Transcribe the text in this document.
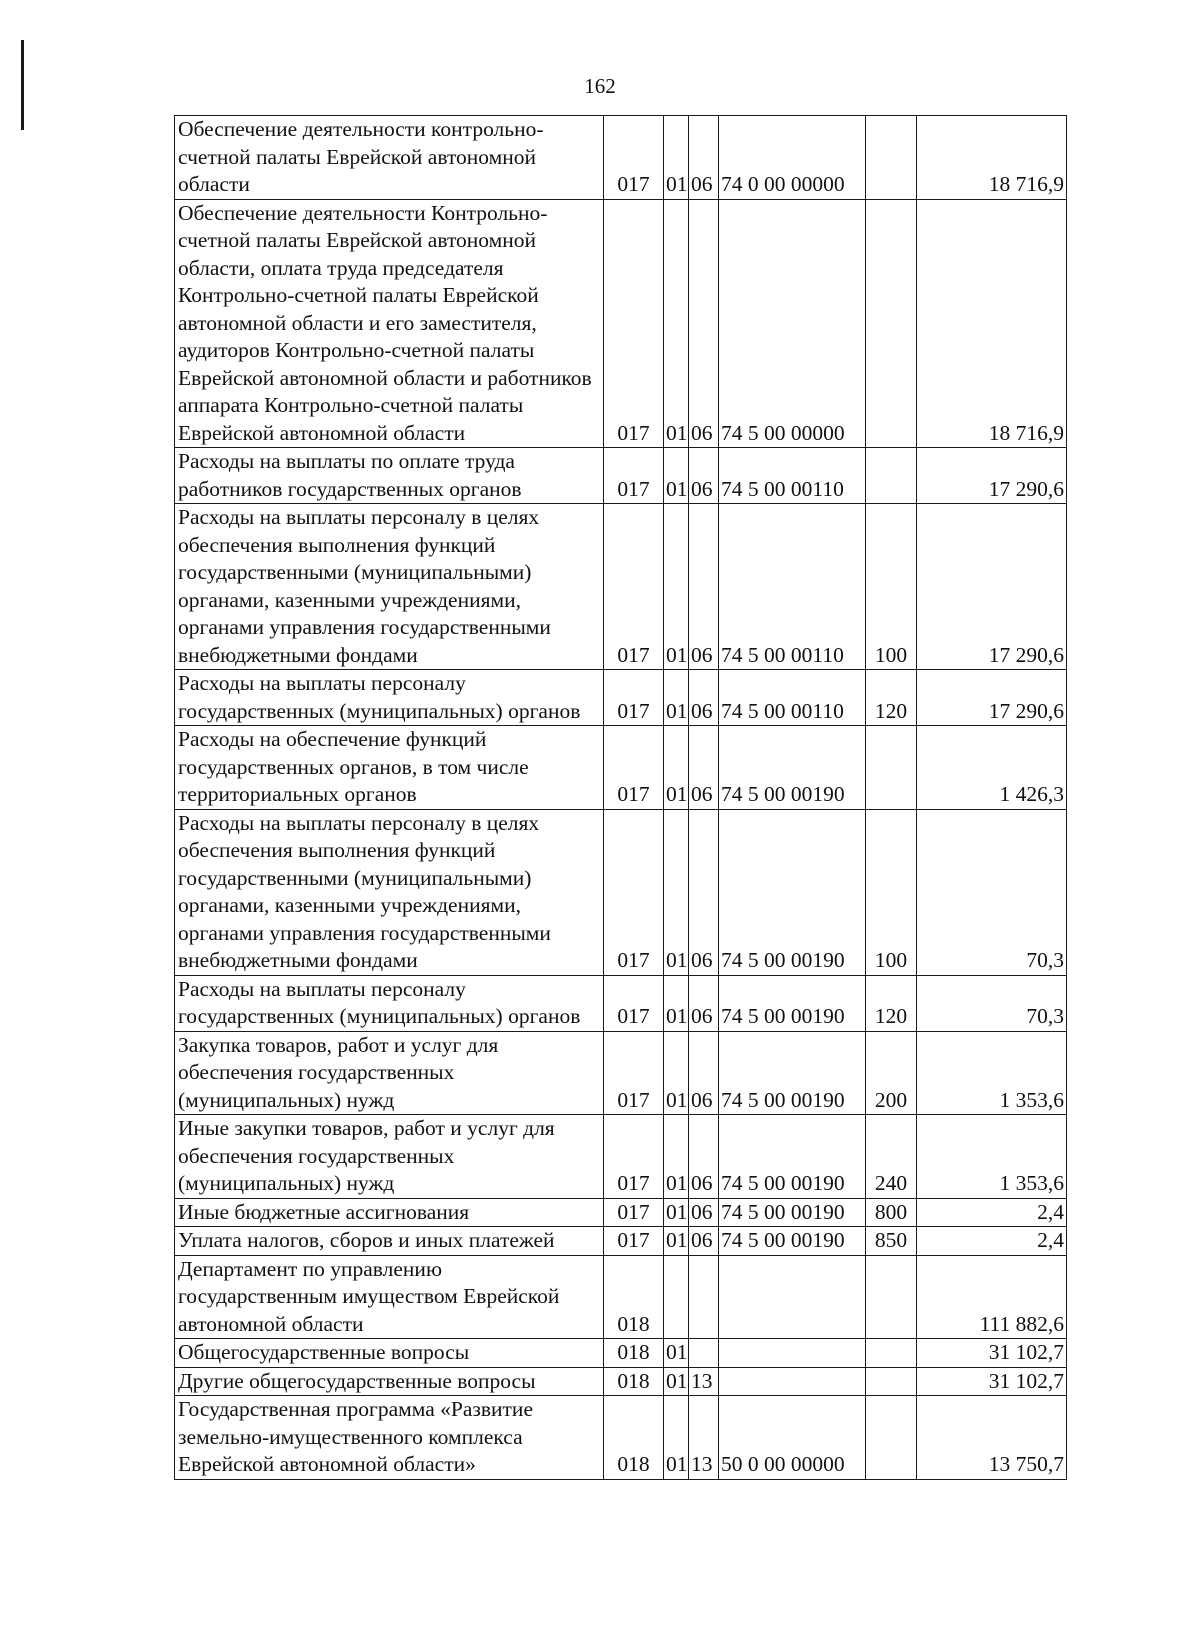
162
Обеспечение деятельности контрольно-счетной палаты Еврейской автономной области	017	01	06	74 0 00 00000		18 716,9
Обеспечение деятельности Контрольно-счетной палаты Еврейской автономной области, оплата труда председателя Контрольно-счетной палаты Еврейской автономной области и его заместителя, аудиторов Контрольно-счетной палаты Еврейской автономной области и работников аппарата Контрольно-счетной палаты Еврейской автономной области	017	01	06	74 5 00 00000		18 716,9
Расходы на выплаты по оплате труда работников государственных органов	017	01	06	74 5 00 00110		17 290,6
Расходы на выплаты персоналу в целях обеспечения выполнения функций государственными (муниципальными) органами, казенными учреждениями, органами управления государственными внебюджетными фондами	017	01	06	74 5 00 00110	100	17 290,6
Расходы на выплаты персоналу государственных (муниципальных) органов	017	01	06	74 5 00 00110	120	17 290,6
Расходы на обеспечение функций государственных органов, в том числе территориальных органов	017	01	06	74 5 00 00190		1 426,3
Расходы на выплаты персоналу в целях обеспечения выполнения функций государственными (муниципальными) органами, казенными учреждениями, органами управления государственными внебюджетными фондами	017	01	06	74 5 00 00190	100	70,3
Расходы на выплаты персоналу государственных (муниципальных) органов	017	01	06	74 5 00 00190	120	70,3
Закупка товаров, работ и услуг для обеспечения государственных (муниципальных) нужд	017	01	06	74 5 00 00190	200	1 353,6
Иные закупки товаров, работ и услуг для обеспечения государственных (муниципальных) нужд	017	01	06	74 5 00 00190	240	1 353,6
Иные бюджетные ассигнования	017	01	06	74 5 00 00190	800	2,4
Уплата налогов, сборов и иных платежей	017	01	06	74 5 00 00190	850	2,4
Департамент по управлению государственным имуществом Еврейской автономной области	018					111 882,6
Общегосударственные вопросы	018	01				31 102,7
Другие общегосударственные вопросы	018	01	13			31 102,7
Государственная программа «Развитие земельно-имущественного комплекса Еврейской автономной области»	018	01	13	50 0 00 00000		13 750,7
